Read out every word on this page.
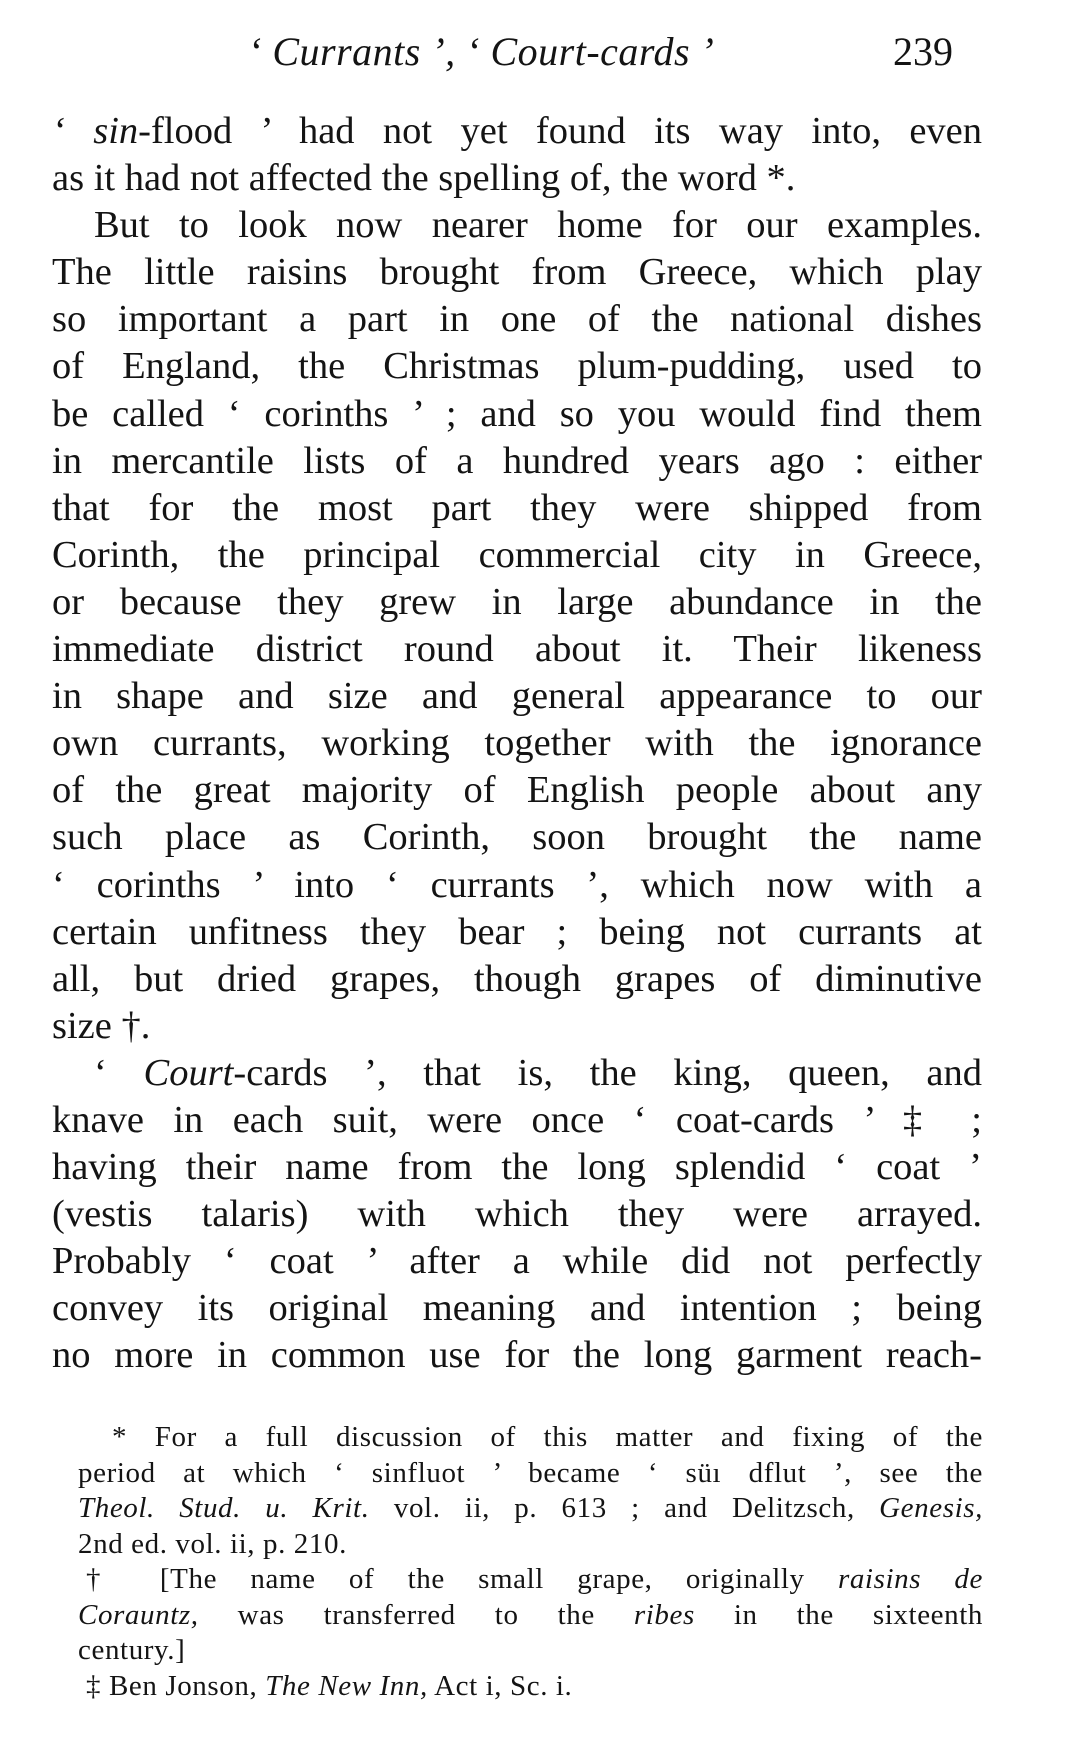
‘ Currants ’, ‘ Court-cards ’	239
‘ sin-flood ’ had not yet found its way into, even
as it had not affected the spelling of, the word *.
But to look now nearer home for our examples.
The little raisins brought from Greece, which play
so important a part in one of the national dishes
of England, the Christmas plum-pudding, used to
be called ‘ corinths ’ ; and so you would find them
in mercantile lists of a hundred years ago : either
that for the most part they were shipped from
Corinth, the principal commercial city in Greece,
or because they grew in large abundance in the
immediate district round about it. Their likeness
in shape and size and general appearance to our
own currants, working together with the ignorance
of the great majority of English people about any
such place as Corinth, soon brought the name
‘ corinths ’ into ‘ currants ’, which now with a
certain unfitness they bear ; being not currants at
all, but dried grapes, though grapes of diminutive
size †.
‘ Court-cards ’, that is, the king, queen, and
knave in each suit, were once ‘ coat-cards ’ ‡ ;
having their name from the long splendid ‘ coat ’
(vestis talaris) with which they were arrayed.
Probably ‘ coat ’ after a while did not perfectly
convey its original meaning and intention ; being
no more in common use for the long garment reach-
* For a full discussion of this matter and fixing of the
period at which ‘ sinfluot ’ became ‘ süı dflut ’, see the
Theol. Stud. u. Krit. vol. ii, p. 613 ; and Delitzsch, Genesis,
2nd ed. vol. ii, p. 210.
† [The name of the small grape, originally raisins de
Corauntz, was transferred to the ribes in the sixteenth
century.]
‡ Ben Jonson, The New Inn, Act i, Sc. i.
